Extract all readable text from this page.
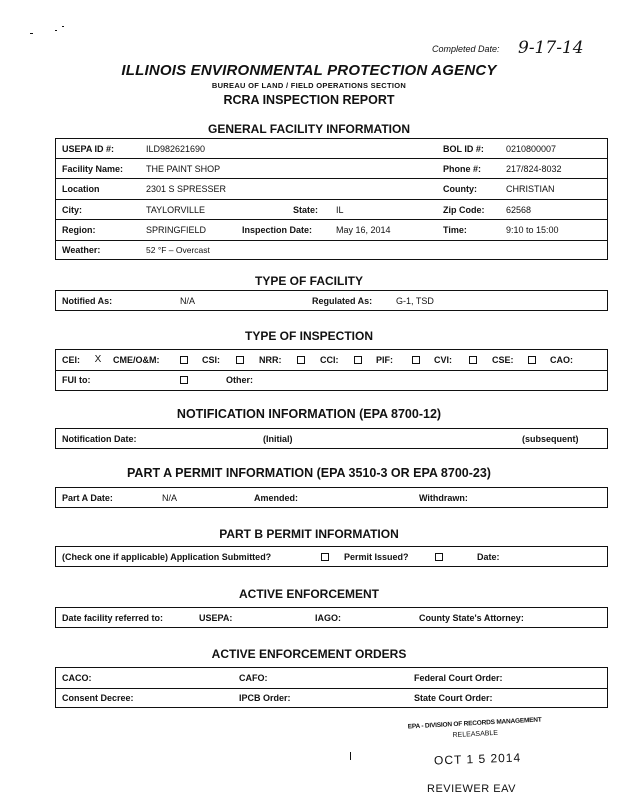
Completed Date: 9-17-14
ILLINOIS ENVIRONMENTAL PROTECTION AGENCY
BUREAU OF LAND / FIELD OPERATIONS SECTION
RCRA INSPECTION REPORT
GENERAL FACILITY INFORMATION
USEPA ID #:	ILD982621690	BOL ID #: 0210800007
Facility Name:	THE PAINT SHOP	Phone #:	217/824-8032
Location	2301 S SPRESSER	County:	CHRISTIAN
City:	TAYLORVILLE	State: IL	Zip Code: 62568
Region:	SPRINGFIELD	Inspection Date:	May 16, 2014	Time:	9:10 to 15:00
Weather:	52 °F – Overcast
TYPE OF FACILITY
Notified As:	N/A	Regulated As:	G-1, TSD
TYPE OF INSPECTION
CEI: X CME/O&M:	CSI:	NRR:	CCI:	PIF:	CVI:	CSE:	CAO:
FUI to:	Other:
NOTIFICATION INFORMATION (EPA 8700-12)
Notification Date:	(Initial)	(subsequent)
PART A PERMIT INFORMATION (EPA 3510-3 OR EPA 8700-23)
Part A Date:	N/A	Amended:	Withdrawn:
PART B PERMIT INFORMATION
(Check one if applicable) Application Submitted?	Permit Issued?	Date:
ACTIVE ENFORCEMENT
Date facility referred to:	USEPA:	IAGO:	County State's Attorney:
ACTIVE ENFORCEMENT ORDERS
CACO:	CAFO:	Federal Court Order:
Consent Decree:	IPCB Order:	State Court Order:
EPA - DIVISION OF RECORDS MANAGEMENT
RELEASABLE
OCT 1 5 2014
REVIEWER EAV
